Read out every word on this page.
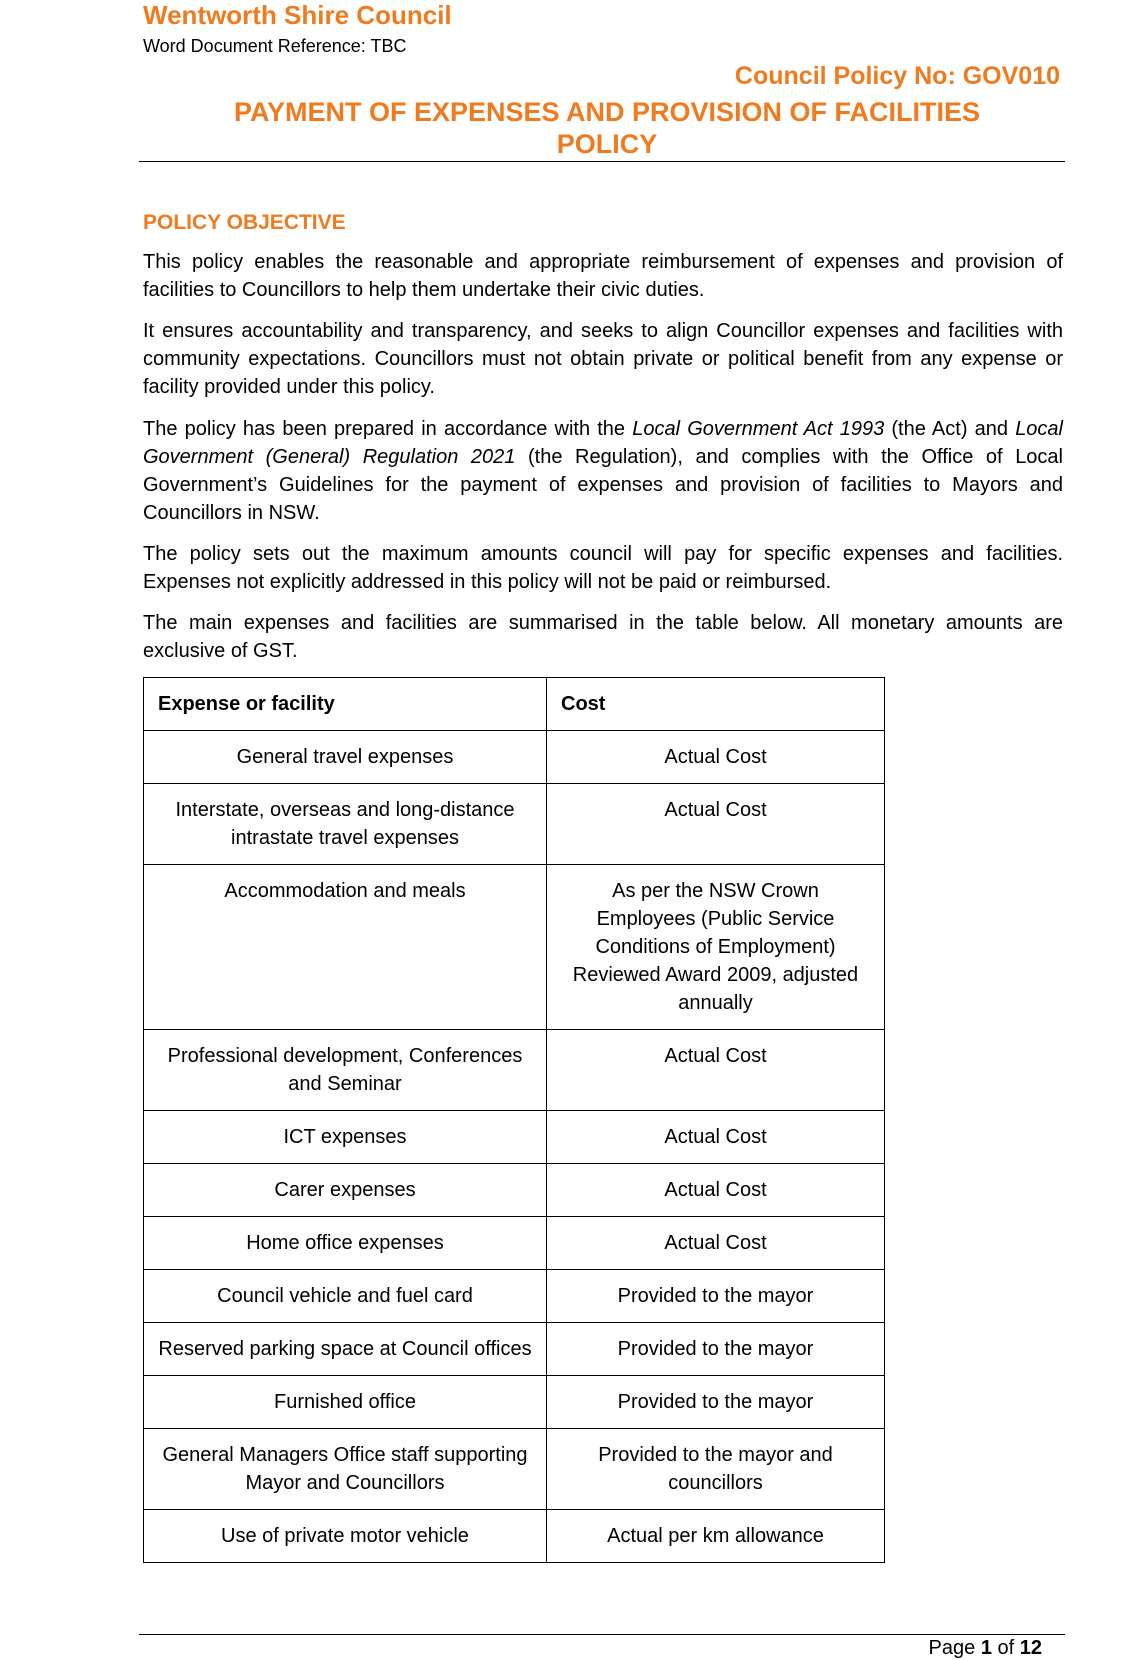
Wentworth Shire Council
Word Document Reference: TBC
Council Policy No: GOV010
PAYMENT OF EXPENSES AND PROVISION OF FACILITIES
POLICY
POLICY OBJECTIVE

This policy enables the reasonable and appropriate reimbursement of expenses and provision of facilities to Councillors to help them undertake their civic duties.

It ensures accountability and transparency, and seeks to align Councillor expenses and facilities with community expectations. Councillors must not obtain private or political benefit from any expense or facility provided under this policy.

The policy has been prepared in accordance with the Local Government Act 1993 (the Act) and Local Government (General) Regulation 2021 (the Regulation), and complies with the Office of Local Government’s Guidelines for the payment of expenses and provision of facilities to Mayors and Councillors in NSW.

The policy sets out the maximum amounts council will pay for specific expenses and facilities. Expenses not explicitly addressed in this policy will not be paid or reimbursed.

The main expenses and facilities are summarised in the table below. All monetary amounts are exclusive of GST.

Expense or facility	Cost
General travel expenses	Actual Cost
Interstate, overseas and long-distance intrastate travel expenses	Actual Cost
Accommodation and meals	As per the NSW Crown Employees (Public Service Conditions of Employment) Reviewed Award 2009, adjusted annually
Professional development, Conferences and Seminar	Actual Cost
ICT expenses	Actual Cost
Carer expenses	Actual Cost
Home office expenses	Actual Cost
Council vehicle and fuel card	Provided to the mayor
Reserved parking space at Council offices	Provided to the mayor
Furnished office	Provided to the mayor
General Managers Office staff supporting Mayor and Councillors	Provided to the mayor and councillors
Use of private motor vehicle	Actual per km allowance
Page 1 of 12
